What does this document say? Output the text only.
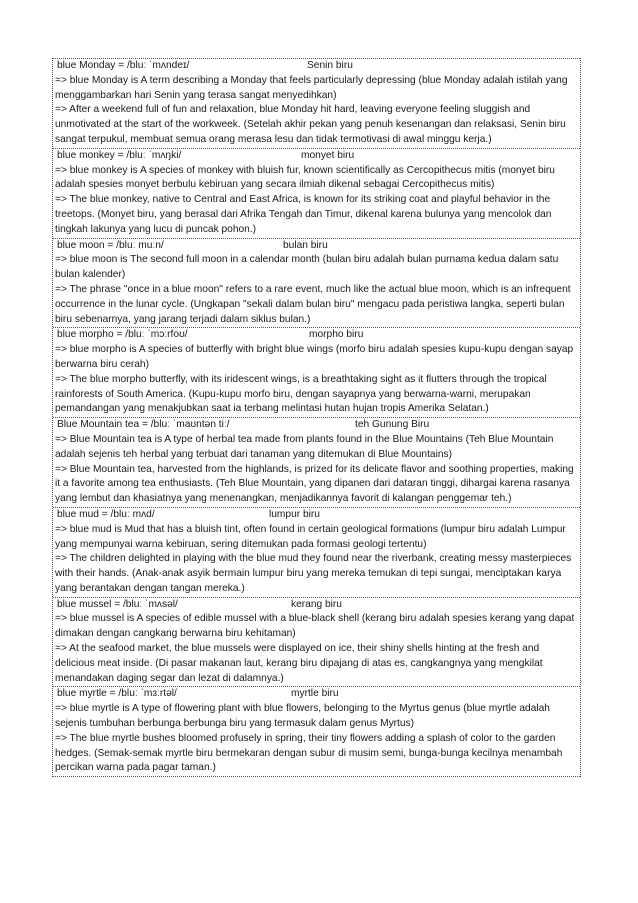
blue Monday = /bluː ˈmʌndeɪ/	Senin biru
=> blue Monday is A term describing a Monday that feels particularly depressing (blue Monday adalah istilah yang menggambarkan hari Senin yang terasa sangat menyedihkan)
=> After a weekend full of fun and relaxation, blue Monday hit hard, leaving everyone feeling sluggish and unmotivated at the start of the workweek. (Setelah akhir pekan yang penuh kesenangan dan relaksasi, Senin biru sangat terpukul, membuat semua orang merasa lesu dan tidak termotivasi di awal minggu kerja.)
blue monkey = /bluː ˈmʌŋki/	monyet biru
=> blue monkey is A species of monkey with bluish fur, known scientifically as Cercopithecus mitis (monyet biru adalah spesies monyet berbulu kebiruan yang secara ilmiah dikenal sebagai Cercopithecus mitis)
=> The blue monkey, native to Central and East Africa, is known for its striking coat and playful behavior in the treetops. (Monyet biru, yang berasal dari Afrika Tengah dan Timur, dikenal karena bulunya yang mencolok dan tingkah lakunya yang lucu di puncak pohon.)
blue moon = /bluː muːn/	bulan biru
=> blue moon is The second full moon in a calendar month (bulan biru adalah bulan purnama kedua dalam satu bulan kalender)
=> The phrase "once in a blue moon" refers to a rare event, much like the actual blue moon, which is an infrequent occurrence in the lunar cycle. (Ungkapan "sekali dalam bulan biru" mengacu pada peristiwa langka, seperti bulan biru sebenarnya, yang jarang terjadi dalam siklus bulan.)
blue morpho = /bluː ˈmɔːrfoʊ/	morpho biru
=> blue morpho is A species of butterfly with bright blue wings (morfo biru adalah spesies kupu-kupu dengan sayap berwarna biru cerah)
=> The blue morpho butterfly, with its iridescent wings, is a breathtaking sight as it flutters through the tropical rainforests of South America. (Kupu-kupu morfo biru, dengan sayapnya yang berwarna-warni, merupakan pemandangan yang menakjubkan saat ia terbang melintasi hutan hujan tropis Amerika Selatan.)
Blue Mountain tea = /bluː ˈmaʊntən tiː/	teh Gunung Biru
=> Blue Mountain tea is A type of herbal tea made from plants found in the Blue Mountains (Teh Blue Mountain adalah sejenis teh herbal yang terbuat dari tanaman yang ditemukan di Blue Mountains)
=> Blue Mountain tea, harvested from the highlands, is prized for its delicate flavor and soothing properties, making it a favorite among tea enthusiasts. (Teh Blue Mountain, yang dipanen dari dataran tinggi, dihargai karena rasanya yang lembut dan khasiatnya yang menenangkan, menjadikannya favorit di kalangan penggemar teh.)
blue mud = /bluː mʌd/	lumpur biru
=> blue mud is Mud that has a bluish tint, often found in certain geological formations (lumpur biru adalah Lumpur yang mempunyai warna kebiruan, sering ditemukan pada formasi geologi tertentu)
=> The children delighted in playing with the blue mud they found near the riverbank, creating messy masterpieces with their hands. (Anak-anak asyik bermain lumpur biru yang mereka temukan di tepi sungai, menciptakan karya yang berantakan dengan tangan mereka.)
blue mussel = /bluː ˈmʌsəl/	kerang biru
=> blue mussel is A species of edible mussel with a blue-black shell (kerang biru adalah spesies kerang yang dapat dimakan dengan cangkang berwarna biru kehitaman)
=> At the seafood market, the blue mussels were displayed on ice, their shiny shells hinting at the fresh and delicious meat inside. (Di pasar makanan laut, kerang biru dipajang di atas es, cangkangnya yang mengkilat menandakan daging segar dan lezat di dalamnya.)
blue myrtle = /bluː ˈmɜːrtəl/	myrtle biru
=> blue myrtle is A type of flowering plant with blue flowers, belonging to the Myrtus genus (blue myrtle adalah sejenis tumbuhan berbunga berbunga biru yang termasuk dalam genus Myrtus)
=> The blue myrtle bushes bloomed profusely in spring, their tiny flowers adding a splash of color to the garden hedges. (Semak-semak myrtle biru bermekaran dengan subur di musim semi, bunga-bunga kecilnya menambah percikan warna pada pagar taman.)
